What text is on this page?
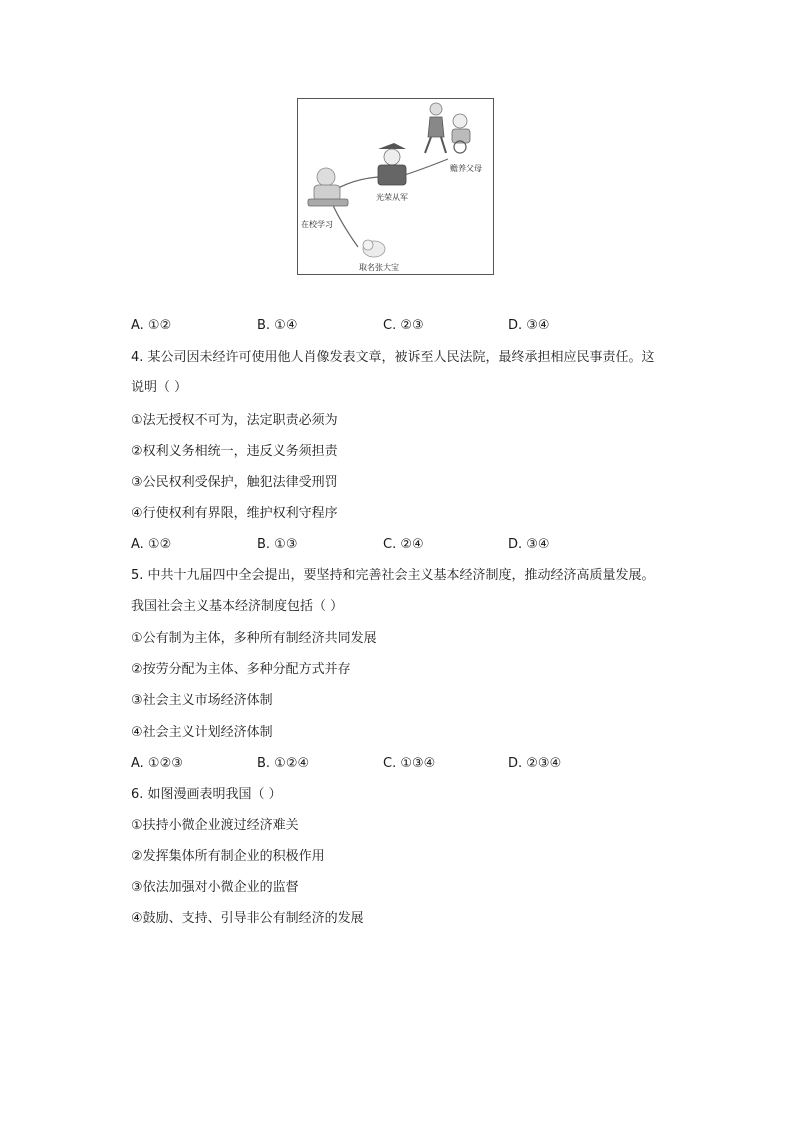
赡养父母
光荣从军
在校学习
取名张大宝
A. ①②	B. ①④	C. ②③	D. ③④
4. 某公司因未经许可使用他人肖像发表文章，被诉至人民法院，最终承担相应民事责任。这
说明（ ）
①法无授权不可为，法定职责必须为
②权利义务相统一，违反义务须担责
③公民权利受保护，触犯法律受刑罚
④行使权利有界限，维护权利守程序
A. ①②	B. ①③	C. ②④	D. ③④
5. 中共十九届四中全会提出，要坚持和完善社会主义基本经济制度，推动经济高质量发展。
我国社会主义基本经济制度包括（ ）
①公有制为主体，多种所有制经济共同发展
②按劳分配为主体、多种分配方式并存
③社会主义市场经济体制
④社会主义计划经济体制
A. ①②③	B. ①②④	C. ①③④	D. ②③④
6. 如图漫画表明我国（ ）
①扶持小微企业渡过经济难关
②发挥集体所有制企业的积极作用
③依法加强对小微企业的监督
④鼓励、支持、引导非公有制经济的发展
